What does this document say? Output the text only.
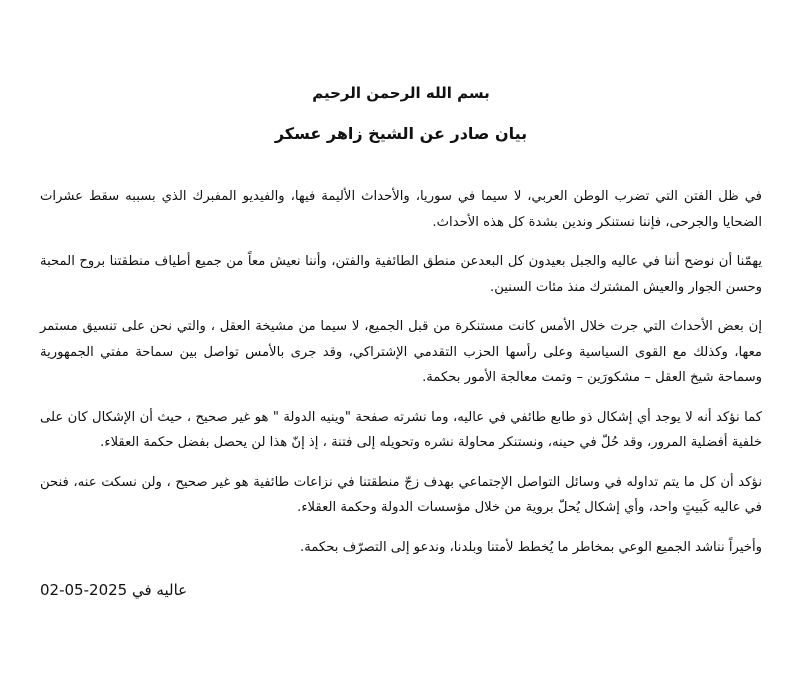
بسم الله الرحمن الرحيم
بيان صادر عن الشيخ زاهر عسكر

في ظل الفتن التي تضرب الوطن العربي، لا سيما في سوريا، والأحداث الأليمة فيها، والفيديو المفبرك الذي بسببه سقط عشرات الضحايا والجرحى، فإننا نستنكر وندين بشدة كل هذه الأحداث.

يهمّنا أن نوضح أننا في عاليه والجبل بعيدون كل البعدعن منطق الطائفية والفتن، وأننا نعيش معاً من جميع أطياف منطقتنا بروح المحبة وحسن الجوار والعيش المشترك منذ مئات السنين.

إن بعض الأحداث التي جرت خلال الأمس كانت مستنكرة من قبل الجميع، لا سيما من مشيخة العقل ، والتي نحن على تنسيق مستمر معها، وكذلك مع القوى السياسية وعلى رأسها الحزب التقدمي الإشتراكي، وقد جرى بالأمس تواصل بين سماحة مفتي الجمهورية وسماحة شيخ العقل – مشكورَين – وتمت معالجة الأمور بحكمة.

كما نؤكد أنه لا يوجد أي إشكال ذو طابع طائفي في عاليه، وما نشرته صفحة "وينيه الدولة " هو غير صحيح ، حيث أن الإشكال كان على خلفية أفضلية المرور، وقد حُلّ في حينه، ونستنكر محاولة نشره وتحويله إلى فتنة ، إذ إنّ هذا لن يحصل بفضل حكمة العقلاء.

نؤكد أن كل ما يتم تداوله في وسائل التواصل الإجتماعي بهدف زجّ منطقتنا في نزاعات طائفية هو غير صحيح ، ولن نسكت عنه، فنحن في عاليه كَبيتٍ واحد، وأي إشكال يُحلّ بروية من خلال مؤسسات الدولة وحكمة العقلاء.

وأخيراً نناشد الجميع الوعي بمخاطر ما يُخطط لأمتنا وبلدنا، وندعو إلى التصرّف بحكمة.

عاليه في 2025-05-02
